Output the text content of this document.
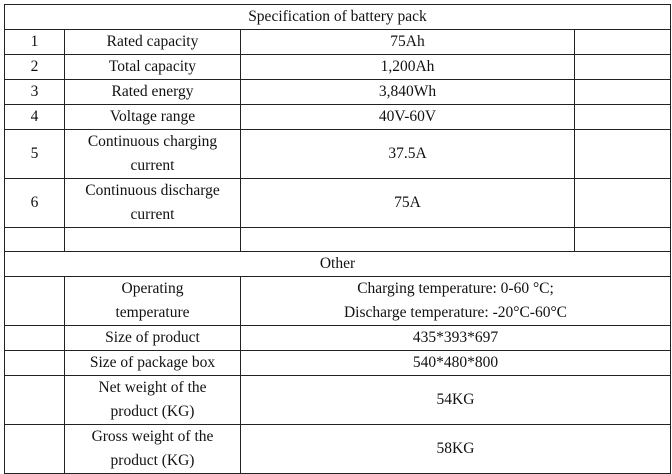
Specification of battery pack			
1	Rated capacity	75Ah	
2	Total capacity	1,200Ah	
3	Rated energy	3,840Wh	
4	Voltage range	40V-60V	
5	Continuous charging
current	37.5A	
6	Continuous discharge
current	75A	

Other			

	Operating
temperature	Charging temperature: 0-60 °C;
Discharge temperature: -20°C-60°C	

	Size of product	435*393*697	
	Size of package box	540*480*800	

	Net weight of the
product (KG)	54KG	

	Gross weight of the
product (KG)	58KG	
